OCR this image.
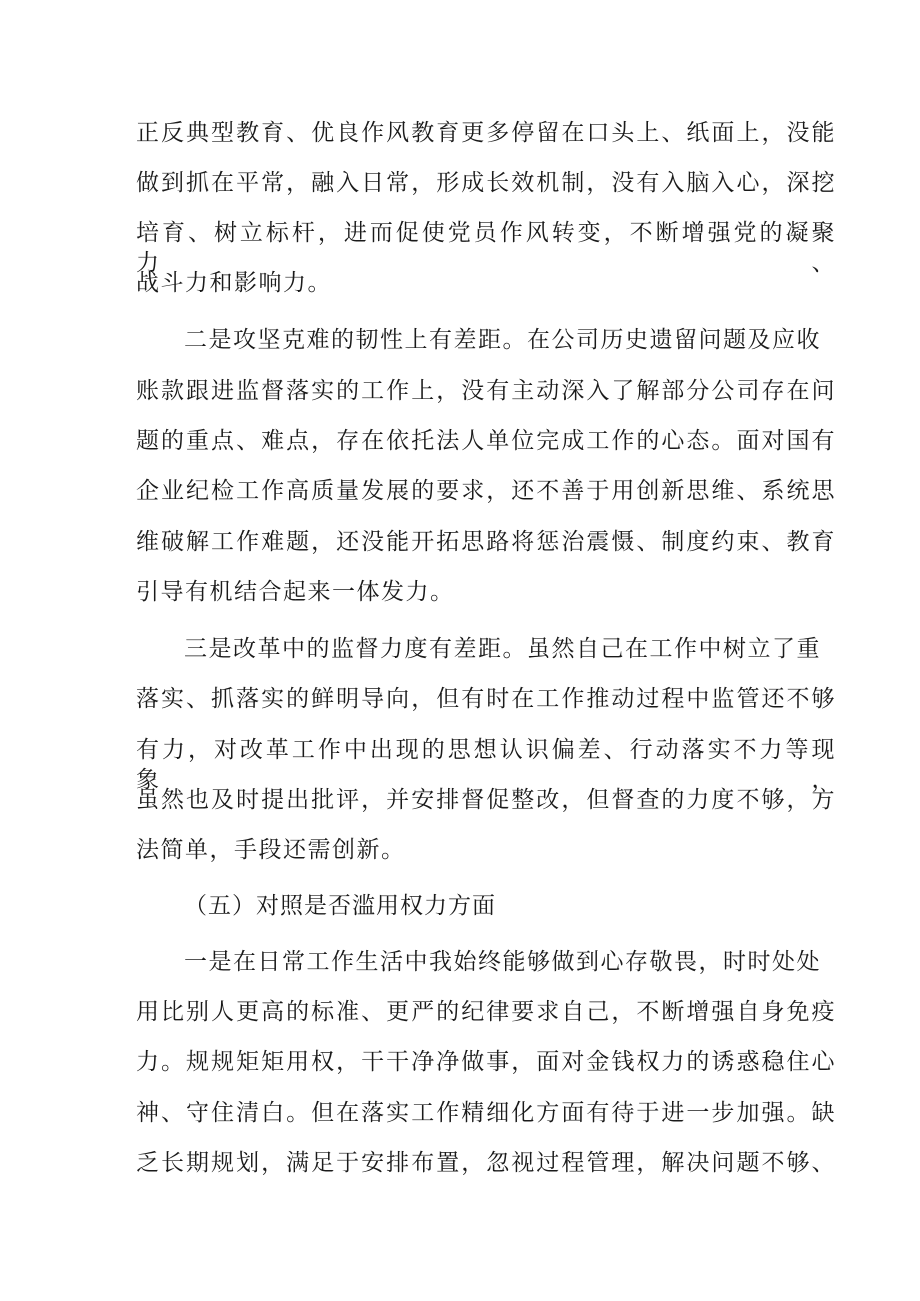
正反典型教育、优良作风教育更多停留在口头上、纸面上，没能
做到抓在平常，融入日常，形成长效机制，没有入脑入心，深挖
培育、树立标杆，进而促使党员作风转变，不断增强党的凝聚力、
战斗力和影响力。
二是攻坚克难的韧性上有差距。在公司历史遗留问题及应收
账款跟进监督落实的工作上，没有主动深入了解部分公司存在问
题的重点、难点，存在依托法人单位完成工作的心态。面对国有
企业纪检工作高质量发展的要求，还不善于用创新思维、系统思
维破解工作难题，还没能开拓思路将惩治震慑、制度约束、教育
引导有机结合起来一体发力。
三是改革中的监督力度有差距。虽然自己在工作中树立了重
落实、抓落实的鲜明导向，但有时在工作推动过程中监管还不够
有力，对改革工作中出现的思想认识偏差、行动落实不力等现象，
虽然也及时提出批评，并安排督促整改，但督查的力度不够，方
法简单，手段还需创新。
（五）对照是否滥用权力方面
一是在日常工作生活中我始终能够做到心存敬畏，时时处处
用比别人更高的标准、更严的纪律要求自己，不断增强自身免疫
力。规规矩矩用权，干干净净做事，面对金钱权力的诱惑稳住心
神、守住清白。但在落实工作精细化方面有待于进一步加强。缺
乏长期规划，满足于安排布置，忽视过程管理，解决问题不够、
